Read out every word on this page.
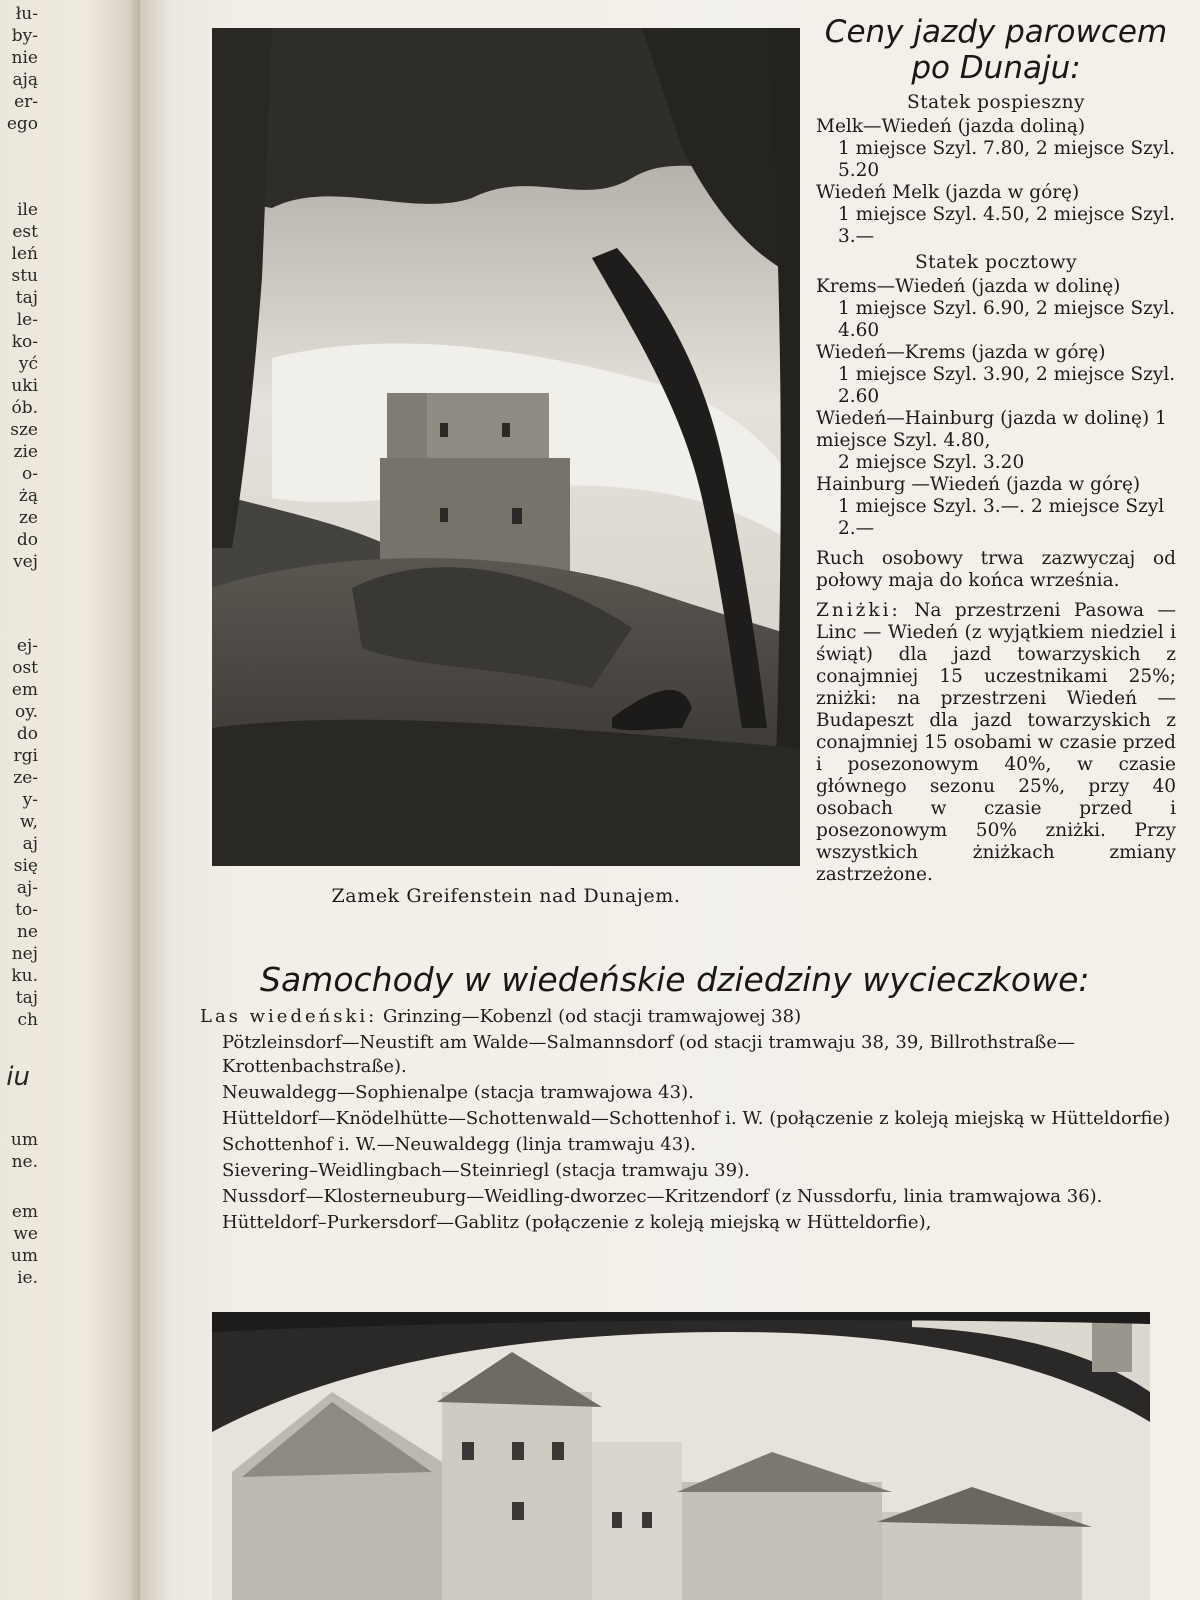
łu-

by-

nie

ają

er-

ego

ile

est

leń

stu

taj

le-

ko-

yć

uki

ób.

sze

zie

o-

żą

ze

do

vej

ej-

ost

em

oy.

do

rgi

ze-

y-

w,

aj

się

aj-

to-

ne

nej

ku.

taj

ch

iu

um

ne.

em

we

um

ie.

Zamek Greifenstein nad Dunajem.

Ceny jazdy parowcem po Dunaju:

Statek pospieszny

Melk—Wiedeń (jazda doliną)

1 miejsce Szyl. 7.80, 2 miejsce Szyl. 5.20

Wiedeń Melk (jazda w górę)

1 miejsce Szyl. 4.50, 2 miejsce Szyl. 3.—

Statek pocztowy

Krems—Wiedeń (jazda w dolinę)

1 miejsce Szyl. 6.90, 2 miejsce Szyl. 4.60

Wiedeń—Krems (jazda w górę)

1 miejsce Szyl. 3.90, 2 miejsce Szyl. 2.60

Wiedeń—Hainburg (jazda w dolinę) 1 miejsce Szyl. 4.80,

2 miejsce Szyl. 3.20

Hainburg —Wiedeń (jazda w górę)

1 miejsce Szyl. 3.—. 2 miejsce Szyl 2.—

Ruch osobowy trwa zazwyczaj od połowy maja do końca września.

Zniżki: Na przestrzeni Pasowa — Linc — Wiedeń (z wyjątkiem niedziel i świąt) dla jazd towarzyskich z conajmniej 15 uczestnikami 25%; zniżki: na przestrzeni Wiedeń — Budapeszt dla jazd towarzyskich z conajmniej 15 osobami w czasie przed i posezonowym 40%, w czasie głównego sezonu 25%, przy 40 osobach w czasie przed i posezonowym 50% zniżki. Przy wszystkich żniżkach zmiany zastrzeżone.

Samochody w wiedeńskie dziedziny wycieczkowe:

Las wiedeński: Grinzing—Kobenzl (od stacji tramwajowej 38)

Pötzleinsdorf—Neustift am Walde—Salmannsdorf (od stacji tramwaju 38, 39, Billrothstraße—Krottenbachstraße).

Neuwaldegg—Sophienalpe (stacja tramwajowa 43).

Hütteldorf—Knödelhütte—Schottenwald—Schottenhof i. W. (połączenie z koleją miejską w Hütteldorfie)

Schottenhof i. W.—Neuwaldegg (linja tramwaju 43).

Sievering–Weidlingbach—Steinriegl (stacja tramwaju 39).

Nussdorf—Klosterneuburg—Weidling-dworzec—Kritzendorf (z Nussdorfu, linia tramwajowa 36).

Hütteldorf–Purkersdorf—Gablitz (połączenie z koleją miejską w Hütteldorfie),
